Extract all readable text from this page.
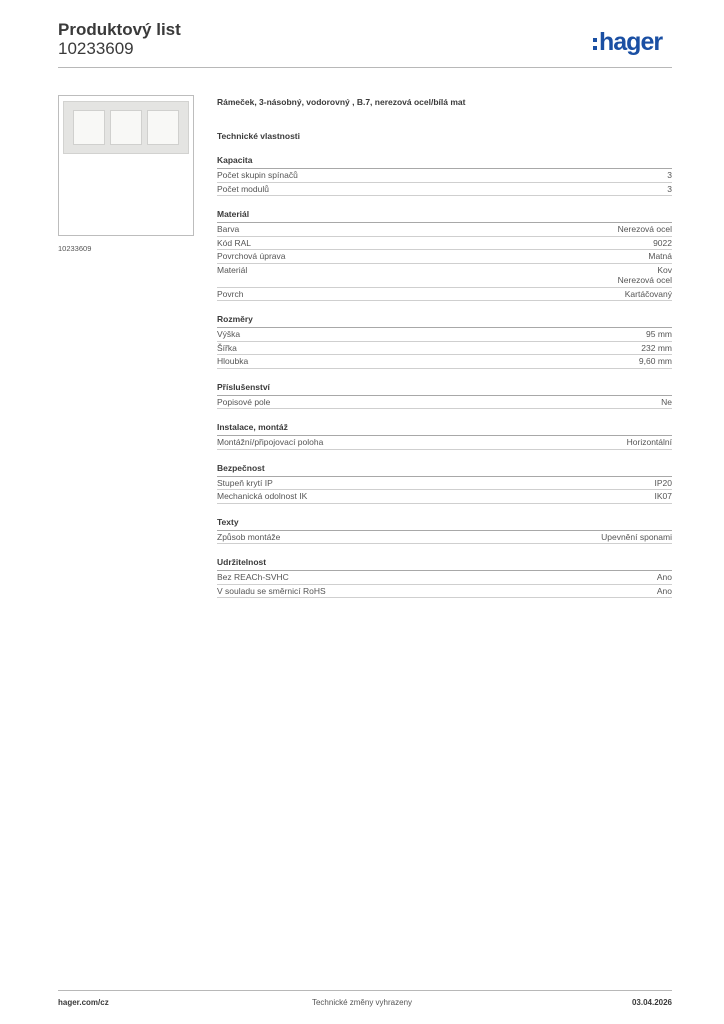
Produktový list
10233609	hager
10233609
Rámeček, 3-násobný, vodorovný , B.7, nerezová ocel/bílá mat
Technické vlastnosti
Kapacita
Počet skupin spínačů	3
Počet modulů	3
Materiál
Barva	Nerezová ocel
Kód RAL	9022
Povrchová úprava	Matná
Materiál	Kov
Nerezová ocel
Povrch	Kartáčovaný
Rozměry
Výška	95 mm
Šířka	232 mm
Hloubka	9,60 mm
Příslušenství
Popisové pole	Ne
Instalace, montáž
Montážní/připojovací poloha	Horizontální
Bezpečnost
Stupeň krytí IP	IP20
Mechanická odolnost IK	IK07
Texty
Způsob montáže	Upevnění sponami
Udržitelnost
Bez REACh-SVHC	Ano
V souladu se směrnicí RoHS	Ano
hager.com/cz	Technické změny vyhrazeny	03.04.2026
